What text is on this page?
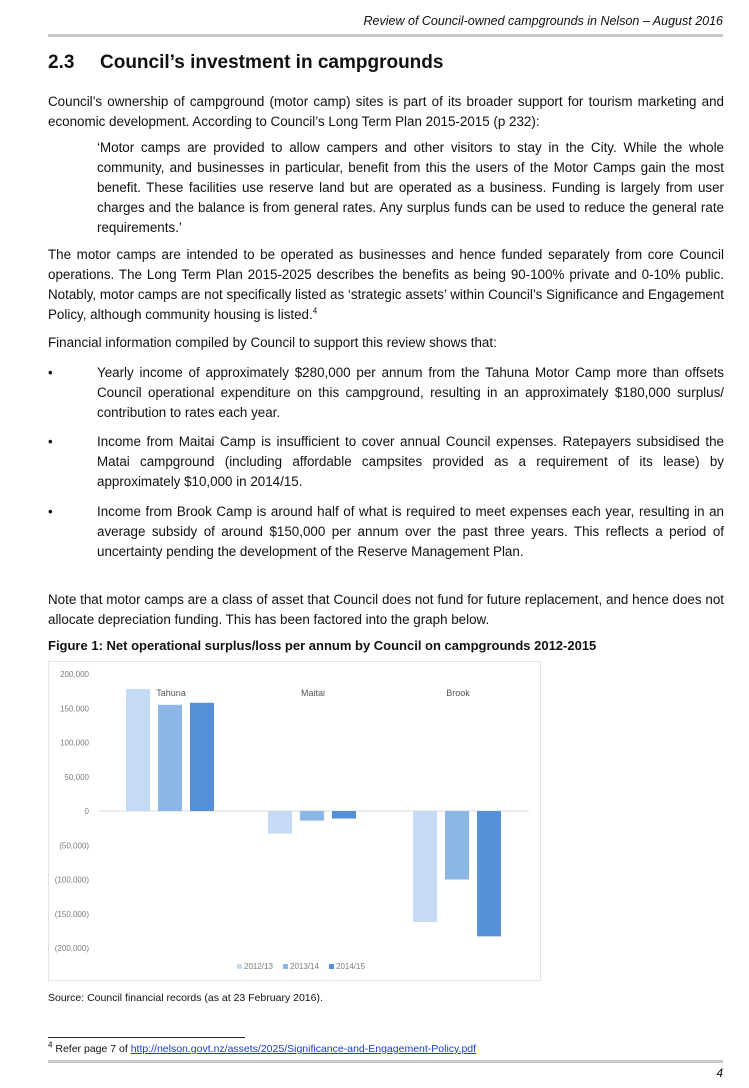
Review of Council-owned campgrounds in Nelson – August 2016
2.3 Council’s investment in campgrounds
Council’s ownership of campground (motor camp) sites is part of its broader support for tourism marketing and economic development. According to Council’s Long Term Plan 2015-2015 (p 232):
‘Motor camps are provided to allow campers and other visitors to stay in the City. While the whole community, and businesses in particular, benefit from this the users of the Motor Camps gain the most benefit. These facilities use reserve land but are operated as a business. Funding is largely from user charges and the balance is from general rates. Any surplus funds can be used to reduce the general rate requirements.’
The motor camps are intended to be operated as businesses and hence funded separately from core Council operations. The Long Term Plan 2015-2025 describes the benefits as being 90-100% private and 0-10% public. Notably, motor camps are not specifically listed as ‘strategic assets’ within Council’s Significance and Engagement Policy, although community housing is listed.$^4$
Financial information compiled by Council to support this review shows that:
•	Yearly income of approximately $280,000 per annum from the Tahuna Motor Camp more than offsets Council operational expenditure on this campground, resulting in an approximately $180,000 surplus/ contribution to rates each year.
•	Income from Maitai Camp is insufficient to cover annual Council expenses. Ratepayers subsidised the Matai campground (including affordable campsites provided as a requirement of its lease) by approximately $10,000 in 2014/15.
•	Income from Brook Camp is around half of what is required to meet expenses each year, resulting in an average subsidy of around $150,000 per annum over the past three years. This reflects a period of uncertainty pending the development of the Reserve Management Plan.
Note that motor camps are a class of asset that Council does not fund for future replacement, and hence does not allocate depreciation funding. This has been factored into the graph below.
Figure 1: Net operational surplus/loss per annum by Council on campgrounds 2012-2015
200,000
150,000
100,000
50,000
0
(50,000)
(100,000)
(150,000)
(200,000)
Tahuna	Maitai	Brook
2012/13 2013/14 2014/15
Source: Council financial records (as at 23 February 2016).
$^4$ Refer page 7 of http://nelson.govt.nz/assets/2025/Significance-and-Engagement-Policy.pdf
4
